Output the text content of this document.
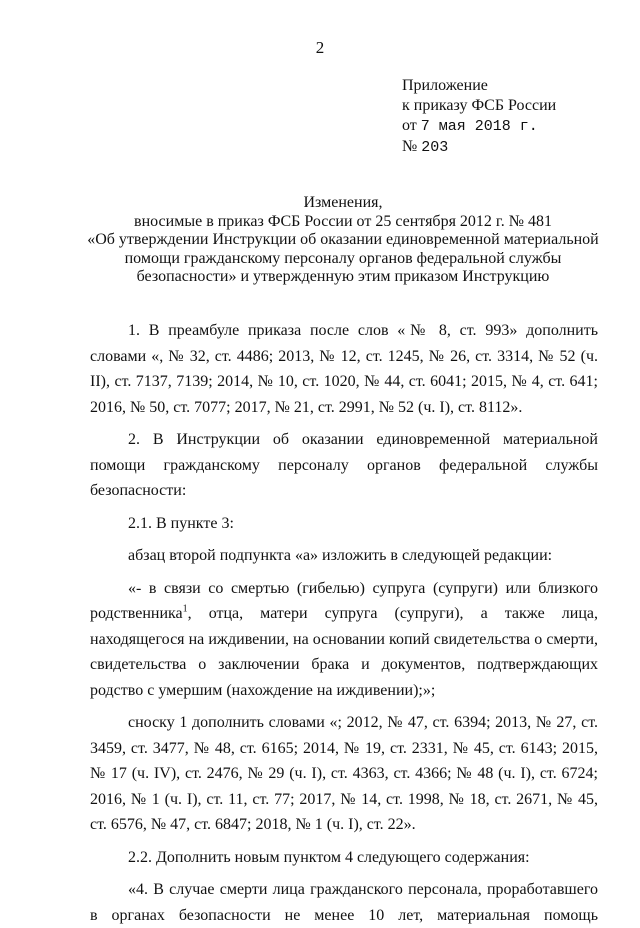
2
Приложение
к приказу ФСБ России
от 7 мая 2018 г.
№ 203
Изменения,
вносимые в приказ ФСБ России от 25 сентября 2012 г. № 481
«Об утверждении Инструкции об оказании единовременной материальной
помощи гражданскому персоналу органов федеральной службы
безопасности» и утвержденную этим приказом Инструкцию

1. В преамбуле приказа после слов «№ 8, ст. 993» дополнить словами «, № 32, ст. 4486; 2013, № 12, ст. 1245, № 26, ст. 3314, № 52 (ч. II), ст. 7137, 7139; 2014, № 10, ст. 1020, № 44, ст. 6041; 2015, № 4, ст. 641; 2016, № 50, ст. 7077; 2017, № 21, ст. 2991, № 52 (ч. I), ст. 8112».

2. В Инструкции об оказании единовременной материальной помощи гражданскому персоналу органов федеральной службы безопасности:

2.1. В пункте 3:

абзац второй подпункта «а» изложить в следующей редакции:

«- в связи со смертью (гибелью) супруга (супруги) или близкого родственника$^1$, отца, матери супруга (супруги), а также лица, находящегося на иждивении, на основании копий свидетельства о смерти, свидетельства о заключении брака и документов, подтверждающих родство с умершим (нахождение на иждивении);»;

сноску 1 дополнить словами «; 2012, № 47, ст. 6394; 2013, № 27, ст. 3459, ст. 3477, № 48, ст. 6165; 2014, № 19, ст. 2331, № 45, ст. 6143; 2015, № 17 (ч. IV), ст. 2476, № 29 (ч. I), ст. 4363, ст. 4366; № 48 (ч. I), ст. 6724; 2016, № 1 (ч. I), ст. 11, ст. 77; 2017, № 14, ст. 1998, № 18, ст. 2671, № 45, ст. 6576, № 47, ст. 6847; 2018, № 1 (ч. I), ст. 22».

2.2. Дополнить новым пунктом 4 следующего содержания:

«4. В случае смерти лица гражданского персонала, проработавшего в органах безопасности не менее 10 лет, материальная помощь
